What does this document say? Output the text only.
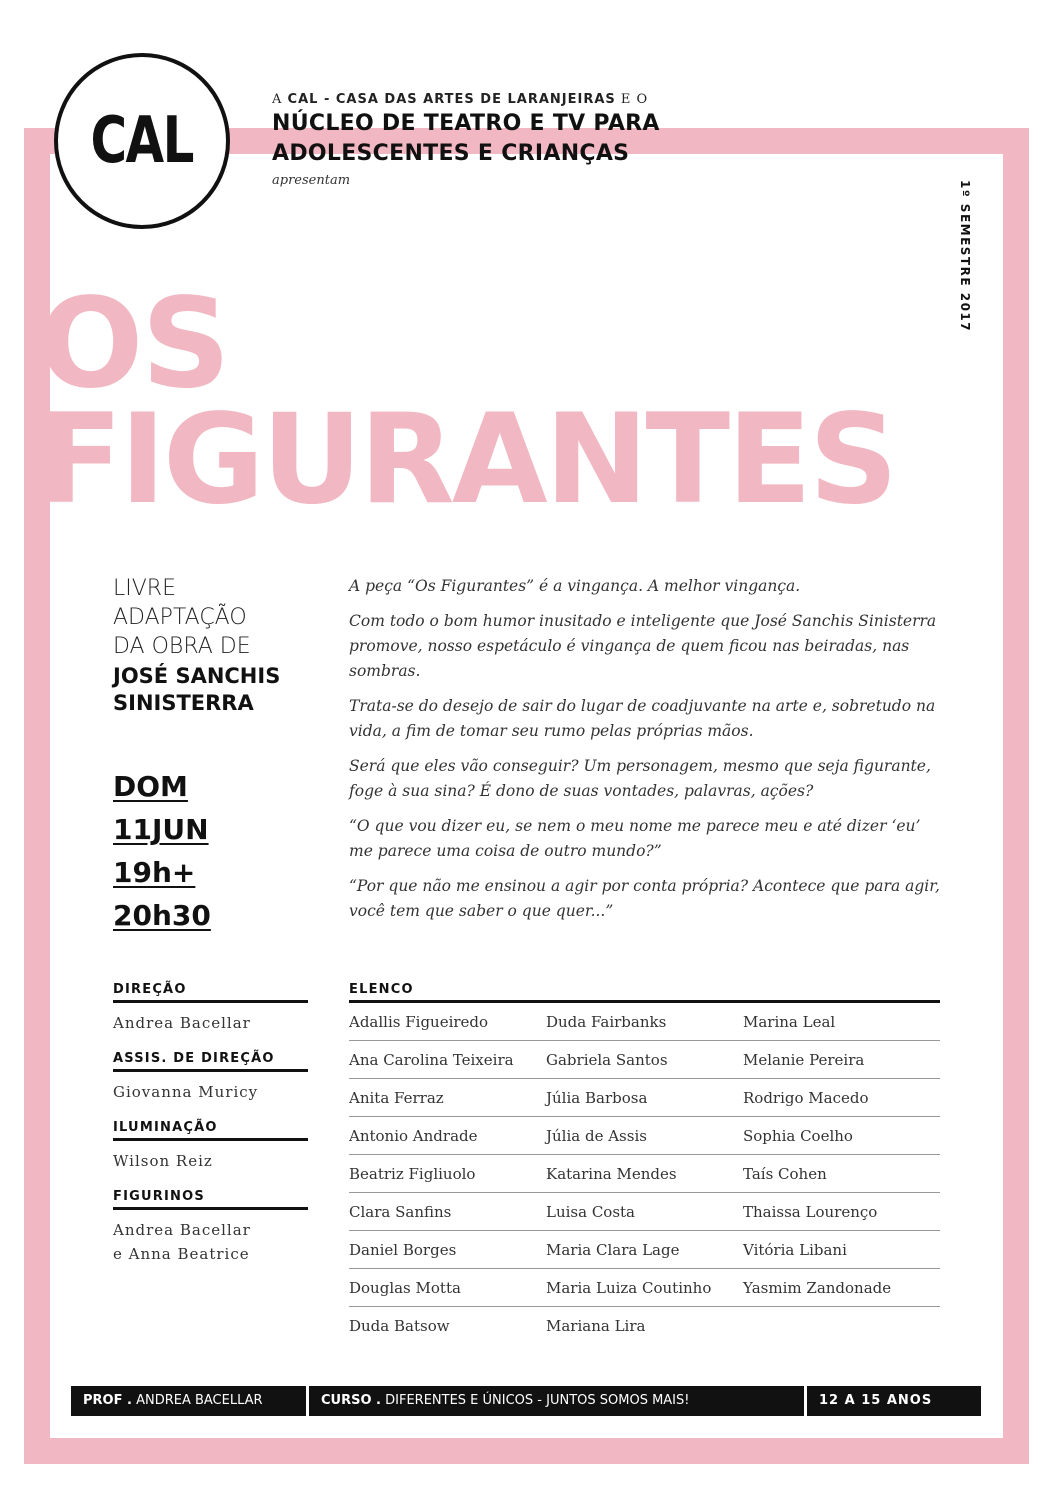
CAL
A CAL - CASA DAS ARTES DE LARANJEIRAS E O
NÚCLEO DE TEATRO E TV PARA
ADOLESCENTES E CRIANÇAS
apresentam	1º SEMESTRE 2017
OS
FIGURANTES
LIVRE
ADAPTAÇÃO
DA OBRA DE
JOSÉ SANCHIS
SINISTERRA
DOM
11JUN
19h+
20h30

A peça “Os Figurantes” é a vingança. A melhor vingança.

Com todo o bom humor inusitado e inteligente que José Sanchis Sinisterra promove, nosso espetáculo é vingança de quem ficou nas beiradas, nas sombras.

Trata-se do desejo de sair do lugar de coadjuvante na arte e, sobretudo na vida, a fim de tomar seu rumo pelas próprias mãos.

Será que eles vão conseguir? Um personagem, mesmo que seja figurante, foge à sua sina? É dono de suas vontades, palavras, ações?

“O que vou dizer eu, se nem o meu nome me parece meu e até dizer ‘eu’ me parece uma coisa de outro mundo?”

“Por que não me ensinou a agir por conta própria? Acontece que para agir, você tem que saber o que quer...”

DIREÇÃO
Andrea Bacellar
ASSIS. DE DIREÇÃO
Giovanna Muricy
ILUMINAÇÃO
Wilson Reiz
FIGURINOS
Andrea Bacellar
e Anna Beatrice
ELENCO
Adallis Figueiredo	Duda Fairbanks	Marina Leal
Ana Carolina Teixeira	Gabriela Santos	Melanie Pereira
Anita Ferraz	Júlia Barbosa	Rodrigo Macedo
Antonio Andrade	Júlia de Assis	Sophia Coelho
Beatriz Figliuolo	Katarina Mendes	Taís Cohen
Clara Sanfins	Luisa Costa	Thaissa Lourenço
Daniel Borges	Maria Clara Lage	Vitória Libani
Douglas Motta	Maria Luiza Coutinho	Yasmim Zandonade
Duda Batsow	Mariana Lira
PROF . ANDREA BACELLAR	CURSO . DIFERENTES E ÚNICOS - JUNTOS SOMOS MAIS!	12 A 15 ANOS
